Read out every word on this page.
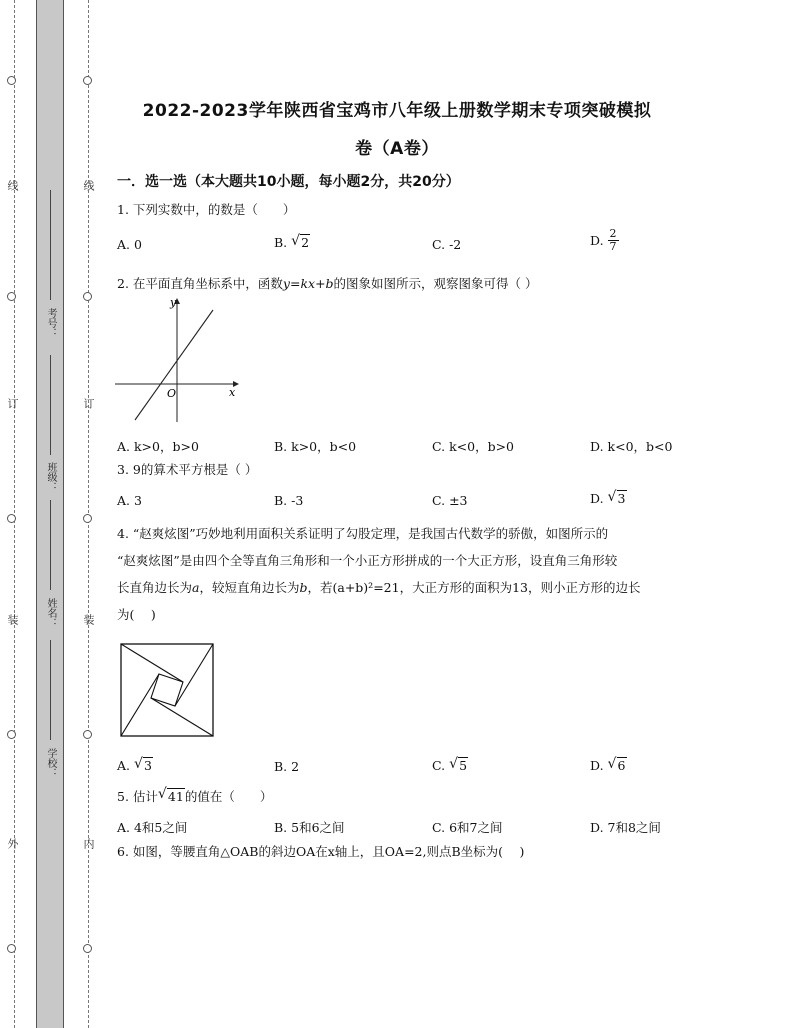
线
订
装
外
线
订
装
内
考号：
班级：
姓名：
学校：
2022-2023学年陕西省宝鸡市八年级上册数学期末专项突破模拟
卷（A卷）
一．选一选（本大题共10小题，每小题2分，共20分）
1. 下列实数中，的数是（　　）
A. 0	B. √ 2	C. -2	D. $\frac{2}{7}$
2. 在平面直角坐标系中，函数y=kx+b的图象如图所示，观察图象可得（ ）
y
x
O
A. k>0，b>0	B. k>0，b<0	C. k<0，b>0	D. k<0，b<0
3. 9的算术平方根是（ ）
A. 3	B. -3	C. ±3	D. √ 3
4. “赵爽炫图”巧妙地利用面积关系证明了勾股定理，是我国古代数学的骄傲，如图所示的
“赵爽炫图”是由四个全等直角三角形和一个小正方形拼成的一个大正方形，设直角三角形较
长直角边长为a，较短直角边长为b，若(a+b)²=21，大正方形的面积为13，则小正方形的边长
为(　 )
A. √ 3	B. 2	C. √ 5	D. √ 6
5. 估计 √ 41的值在（　　）
A. 4和5之间	B. 5和6之间	C. 6和7之间	D. 7和8之间
6. 如图，等腰直角△OAB的斜边OA在x轴上，且OA=2,则点B坐标为(　 )
